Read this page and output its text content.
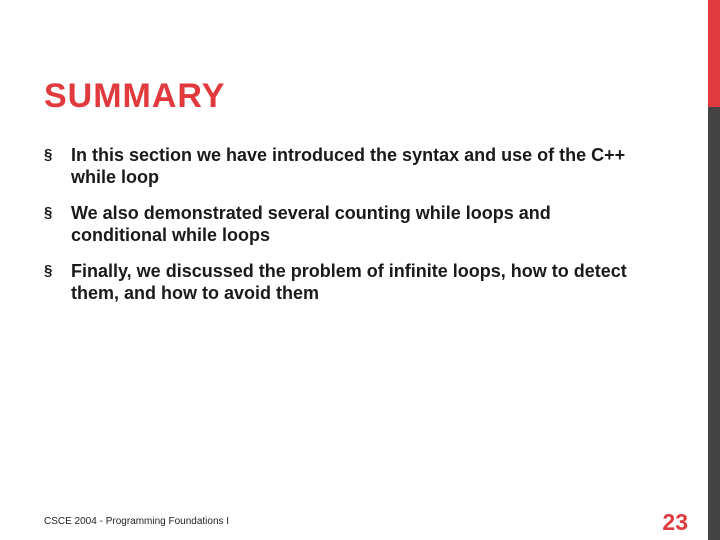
SUMMARY
§ In this section we have introduced the syntax and use of the C++ while loop
§ We also demonstrated several counting while loops and conditional while loops
§ Finally, we discussed the problem of infinite loops, how to detect them, and how to avoid them
CSCE 2004 - Programming Foundations I	23
